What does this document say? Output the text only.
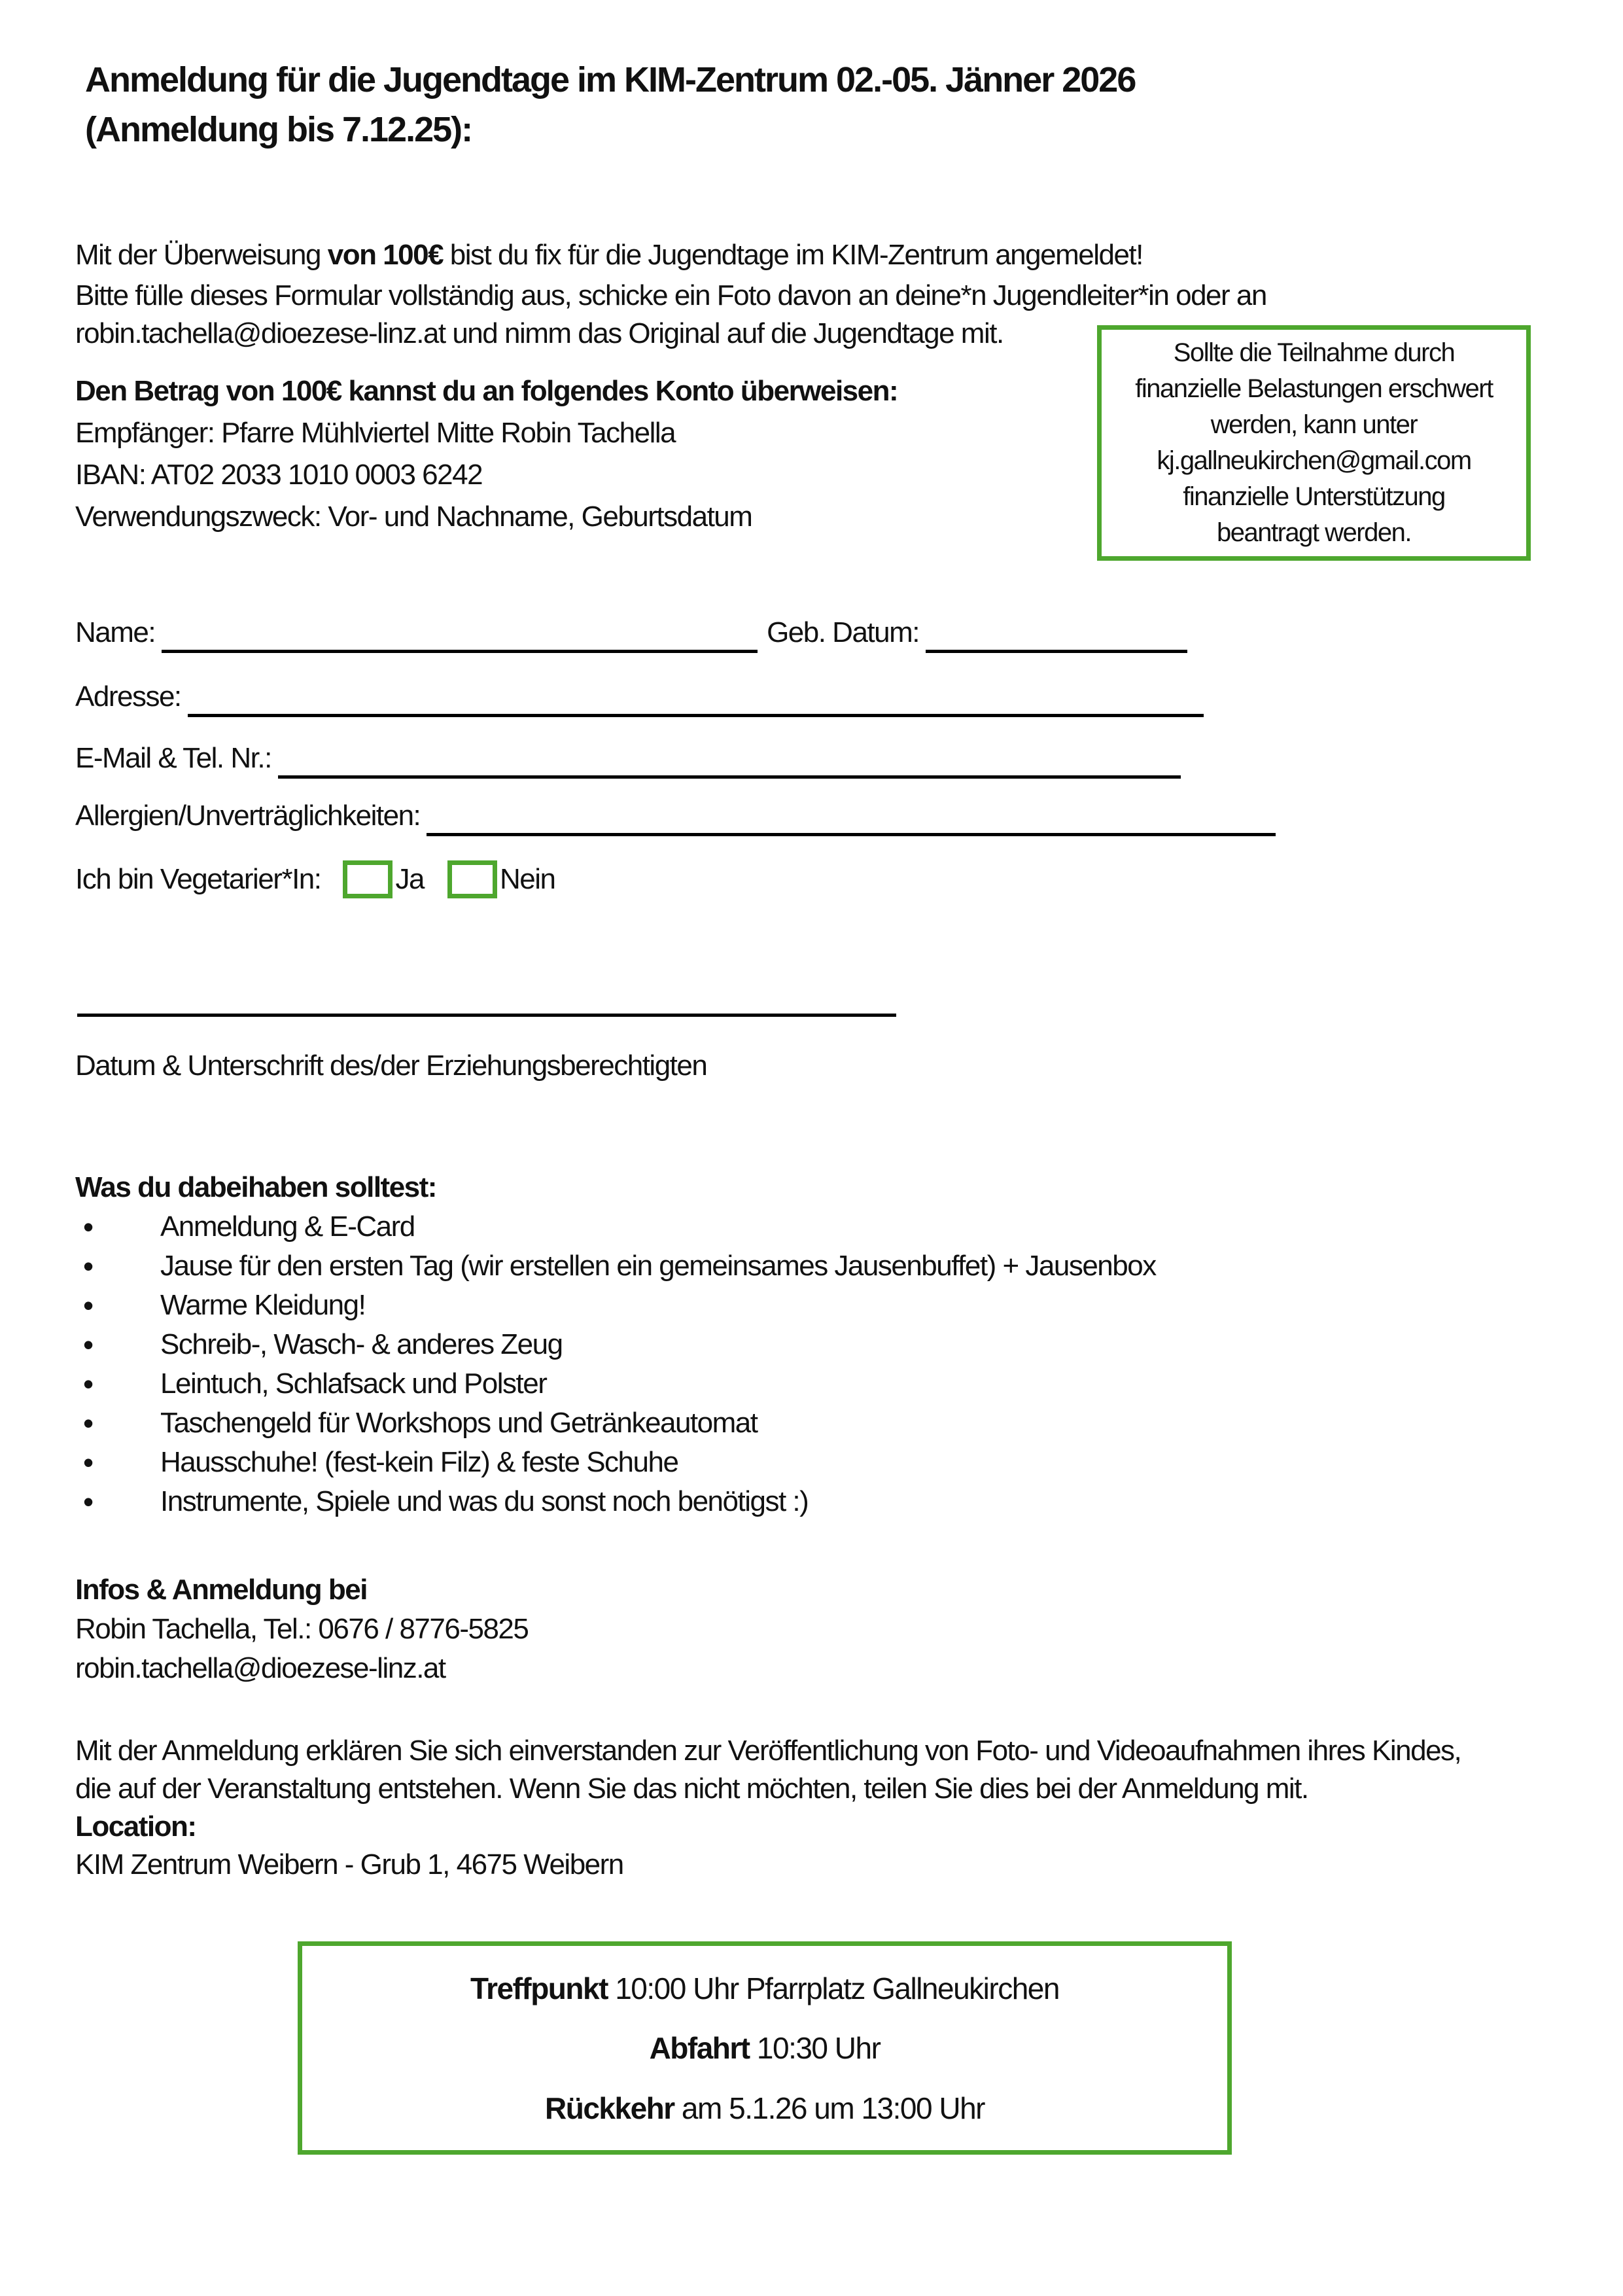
Anmeldung für die Jugendtage im KIM-Zentrum 02.-05. Jänner 2026
(Anmeldung bis 7.12.25):

Mit der Überweisung von 100€ bist du fix für die Jugendtage im KIM-Zentrum angemeldet!

Bitte fülle dieses Formular vollständig aus, schicke ein Foto davon an deine*n Jugendleiter*in oder an
robin.tachella@dioezese-linz.at und nimm das Original auf die Jugendtage mit.
Sollte die Teilnahme durch
finanzielle Belastungen erschwert
werden, kann unter
kj.gallneukirchen@gmail.com
finanzielle Unterstützung
beantragt werden.
Den Betrag von 100€ kannst du an folgendes Konto überweisen:
Empfänger: Pfarre Mühlviertel Mitte Robin Tachella
IBAN: AT02 2033 1010 0003 6242
Verwendungszweck: Vor- und Nachname, Geburtsdatum
Name:	Geb. Datum:
Adresse:
E-Mail & Tel. Nr.:
Allergien/Unverträglichkeiten:
Ich bin Vegetarier*In:	Ja	Nein
Datum & Unterschrift des/der Erziehungsberechtigten
Was du dabeihaben solltest:
• Anmeldung & E-Card
• Jause für den ersten Tag (wir erstellen ein gemeinsames Jausenbuffet) + Jausenbox
• Warme Kleidung!
• Schreib-, Wasch- & anderes Zeug
• Leintuch, Schlafsack und Polster
• Taschengeld für Workshops und Getränkeautomat
• Hausschuhe! (fest-kein Filz) & feste Schuhe
• Instrumente, Spiele und was du sonst noch benötigst :)
Infos & Anmeldung bei
Robin Tachella, Tel.: 0676 / 8776-5825
robin.tachella@dioezese-linz.at
Mit der Anmeldung erklären Sie sich einverstanden zur Veröffentlichung von Foto- und Videoaufnahmen ihres Kindes,
die auf der Veranstaltung entstehen. Wenn Sie das nicht möchten, teilen Sie dies bei der Anmeldung mit.
Location:
KIM Zentrum Weibern - Grub 1, 4675 Weibern
Treffpunkt 10:00 Uhr Pfarrplatz Gallneukirchen
Abfahrt 10:30 Uhr
Rückkehr am 5.1.26 um 13:00 Uhr
